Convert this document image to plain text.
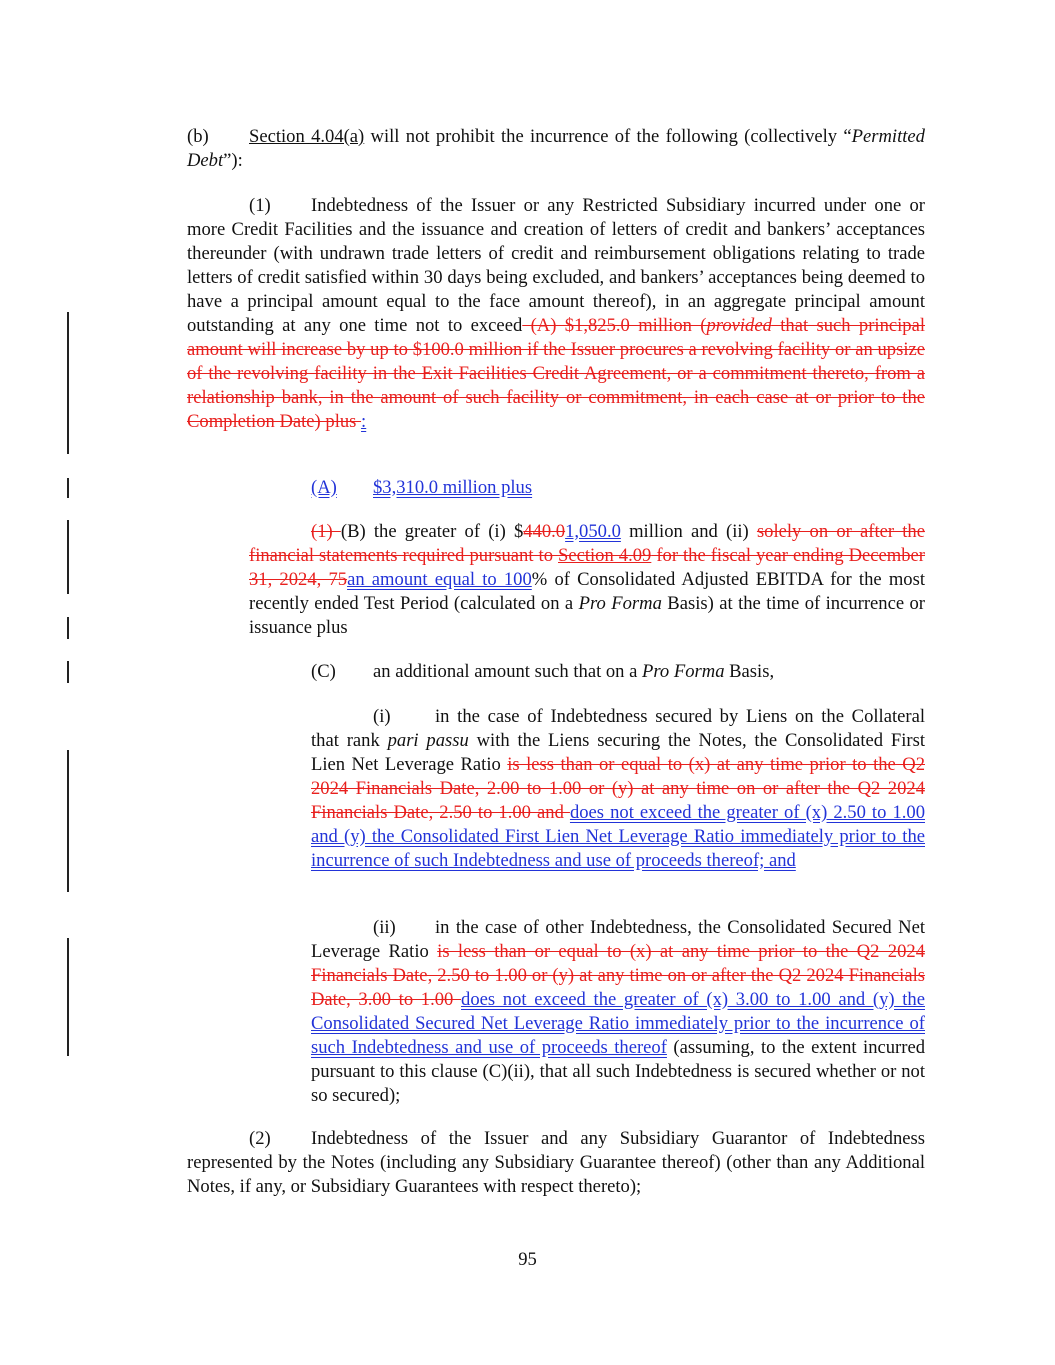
(b) Section 4.04(a) will not prohibit the incurrence of the following (collectively “Permitted Debt”):
(1) Indebtedness of the Issuer or any Restricted Subsidiary incurred under one or more Credit Facilities and the issuance and creation of letters of credit and bankers’ acceptances thereunder (with undrawn trade letters of credit and reimbursement obligations relating to trade letters of credit satisfied within 30 days being excluded, and bankers’ acceptances being deemed to have a principal amount equal to the face amount thereof), in an aggregate principal amount outstanding at any one time not to exceed (A) $1,825.0 million (provided that such principal amount will increase by up to $100.0 million if the Issuer procures a revolving facility or an upsize of the revolving facility in the Exit Facilities Credit Agreement, or a commitment thereto, from a relationship bank, in the amount of such facility or commitment, in each case at or prior to the Completion Date) plus :
(A) $3,310.0 million plus
(1) (B) the greater of (i) $440.01,050.0 million and (ii) solely on or after the financial statements required pursuant to Section 4.09 for the fiscal year ending December 31, 2024, 75an amount equal to 100% of Consolidated Adjusted EBITDA for the most recently ended Test Period (calculated on a Pro Forma Basis) at the time of incurrence or issuance plus
(C) an additional amount such that on a Pro Forma Basis,
(i) in the case of Indebtedness secured by Liens on the Collateral that rank pari passu with the Liens securing the Notes, the Consolidated First Lien Net Leverage Ratio is less than or equal to (x) at any time prior to the Q2 2024 Financials Date, 2.00 to 1.00 or (y) at any time on or after the Q2 2024 Financials Date, 2.50 to 1.00 and does not exceed the greater of (x) 2.50 to 1.00 and (y) the Consolidated First Lien Net Leverage Ratio immediately prior to the incurrence of such Indebtedness and use of proceeds thereof; and
(ii) in the case of other Indebtedness, the Consolidated Secured Net Leverage Ratio is less than or equal to (x) at any time prior to the Q2 2024 Financials Date, 2.50 to 1.00 or (y) at any time on or after the Q2 2024 Financials Date, 3.00 to 1.00 does not exceed the greater of (x) 3.00 to 1.00 and (y) the Consolidated Secured Net Leverage Ratio immediately prior to the incurrence of such Indebtedness and use of proceeds thereof (assuming, to the extent incurred pursuant to this clause (C)(ii), that all such Indebtedness is secured whether or not so secured);
(2) Indebtedness of the Issuer and any Subsidiary Guarantor of Indebtedness represented by the Notes (including any Subsidiary Guarantee thereof) (other than any Additional Notes, if any, or Subsidiary Guarantees with respect thereto);
95
